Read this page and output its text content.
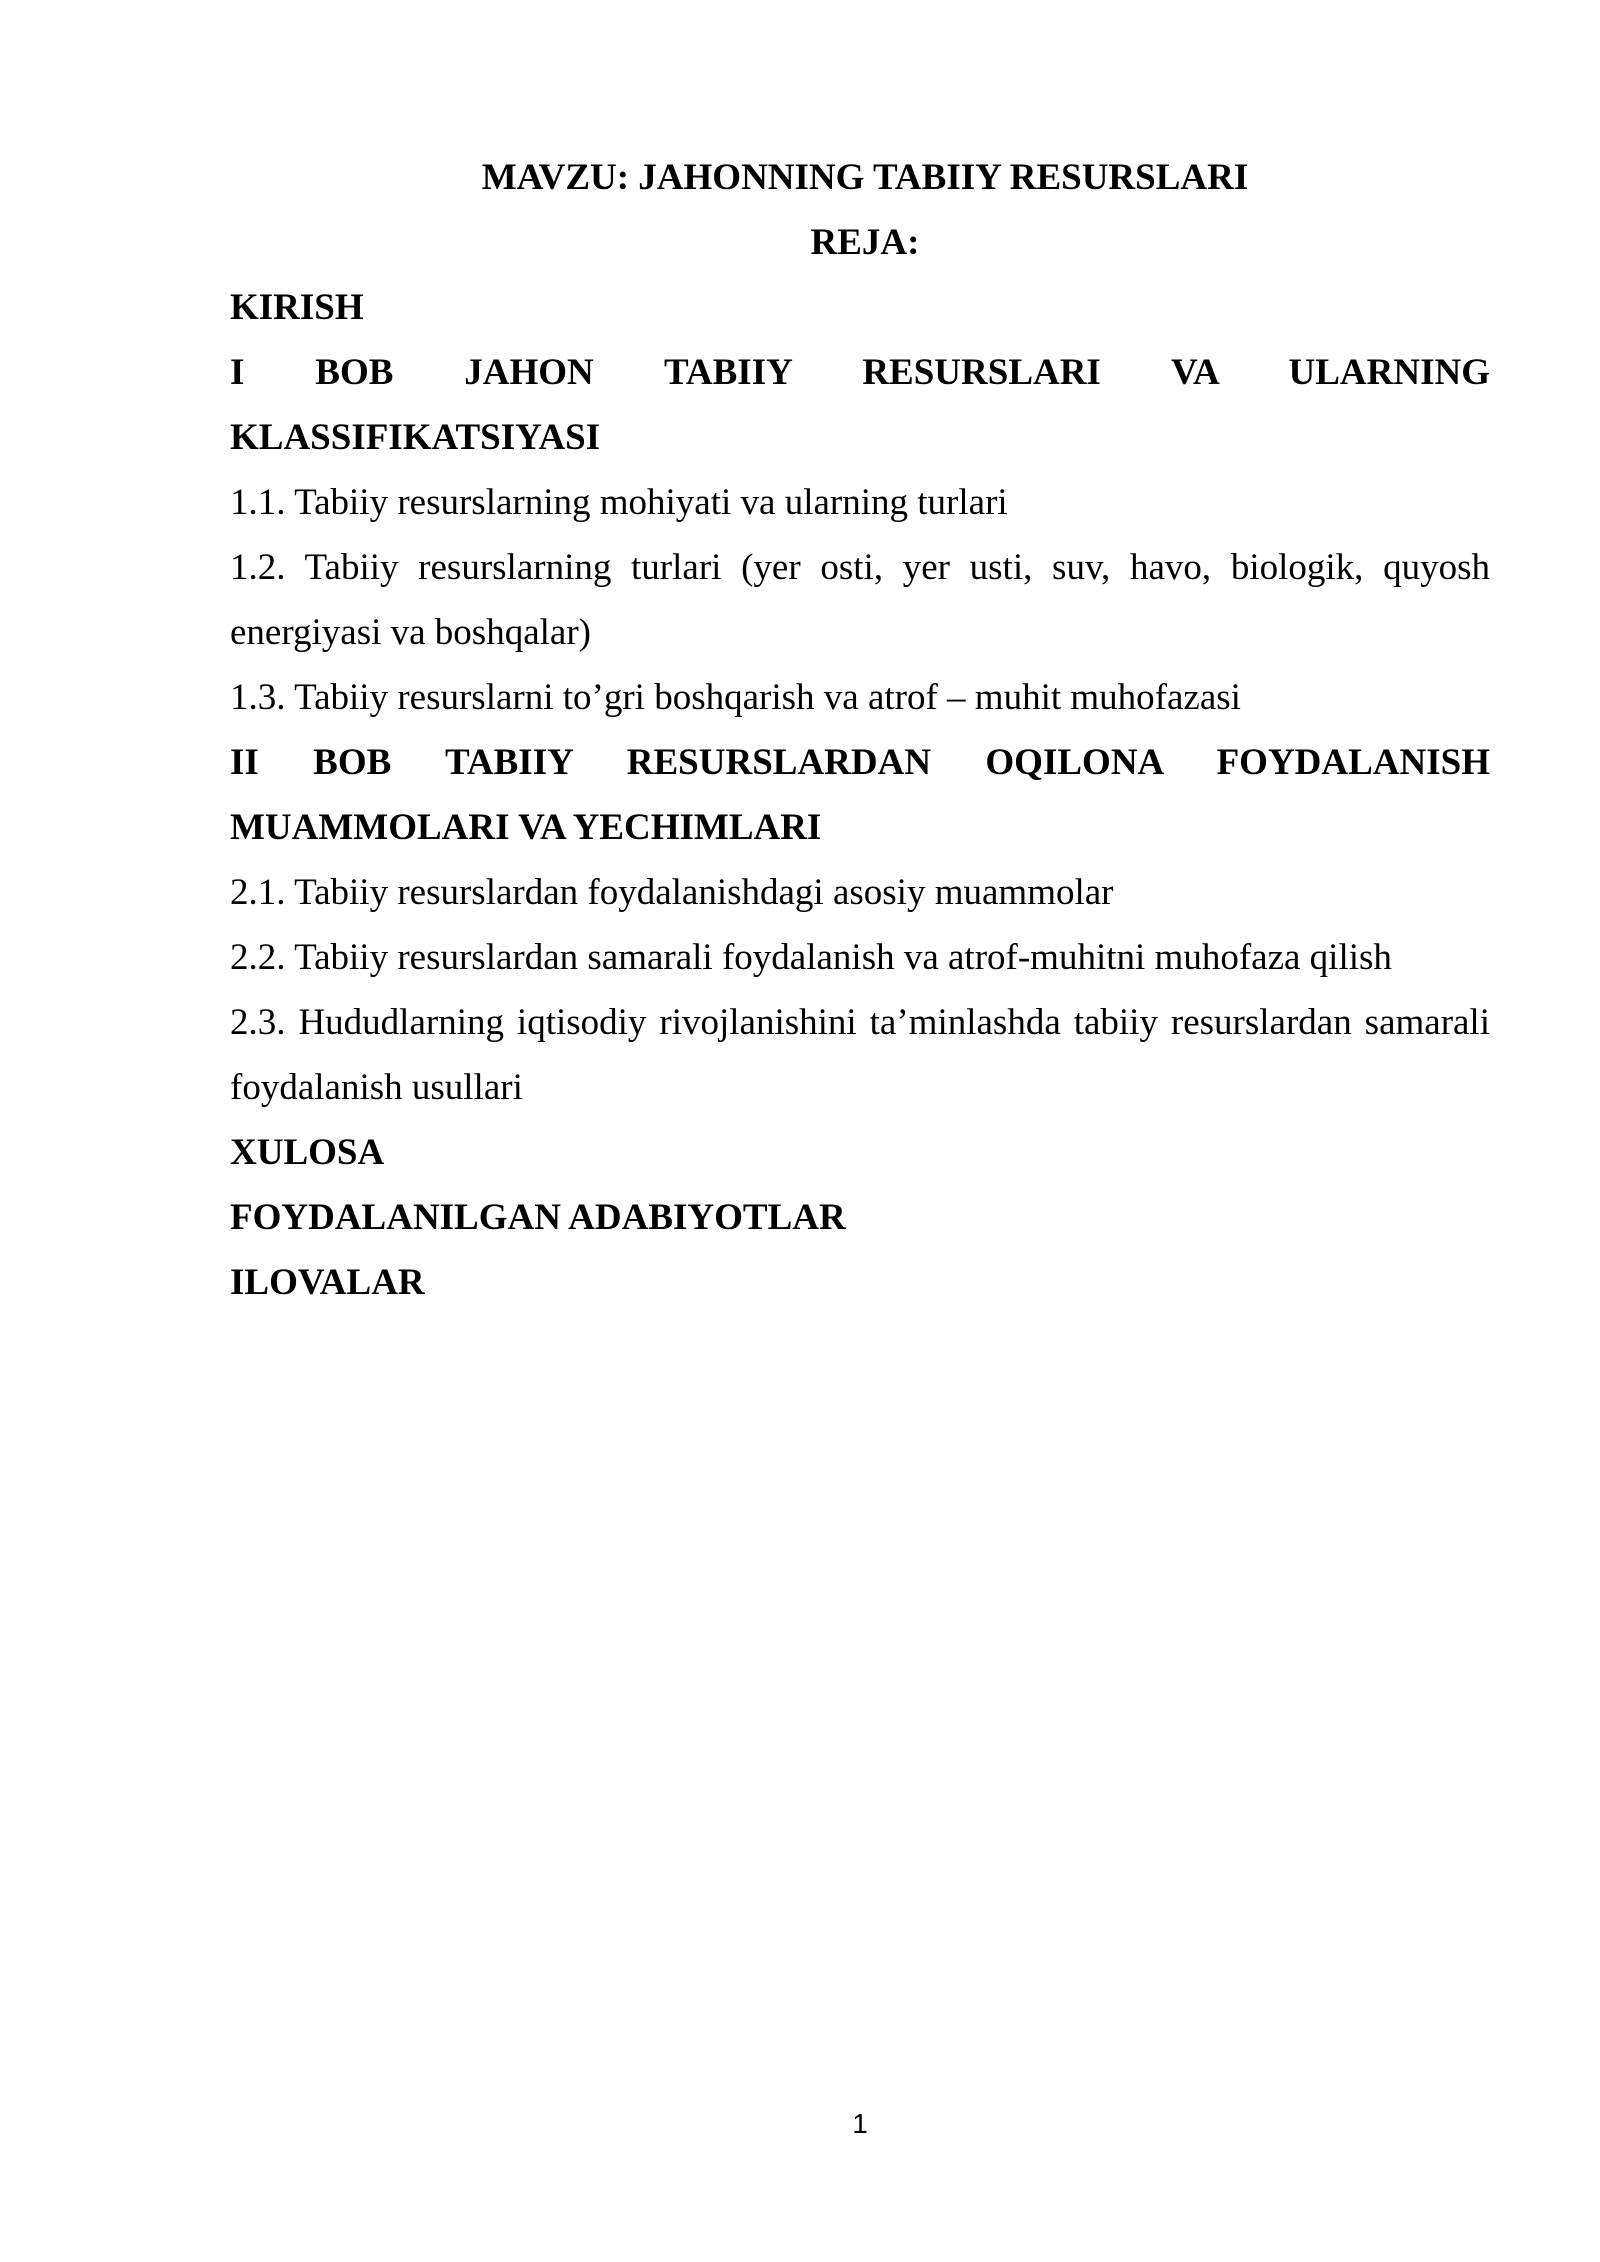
MAVZU: JAHONNING TABIIY RESURSLARI

REJA:

KIRISH

I BOB JAHON TABIIY RESURSLARI VA ULARNING KLASSIFIKATSIYASI

1.1. Tabiiy resurslarning mohiyati va ularning turlari

1.2. Tabiiy resurslarning turlari (yer osti, yer usti, suv, havo, biologik, quyosh energiyasi va boshqalar)

1.3. Tabiiy resurslarni to’gri boshqarish va atrof – muhit muhofazasi

II BOB TABIIY RESURSLARDAN OQILONA FOYDALANISH MUAMMOLARI VA YECHIMLARI

2.1. Tabiiy resurslardan foydalanishdagi asosiy muammolar

2.2. Tabiiy resurslardan samarali foydalanish va atrof-muhitni muhofaza qilish

2.3. Hududlarning iqtisodiy rivojlanishini ta’minlashda tabiiy resurslardan samarali foydalanish usullari

XULOSA

FOYDALANILGAN ADABIYOTLAR

ILOVALAR

1
